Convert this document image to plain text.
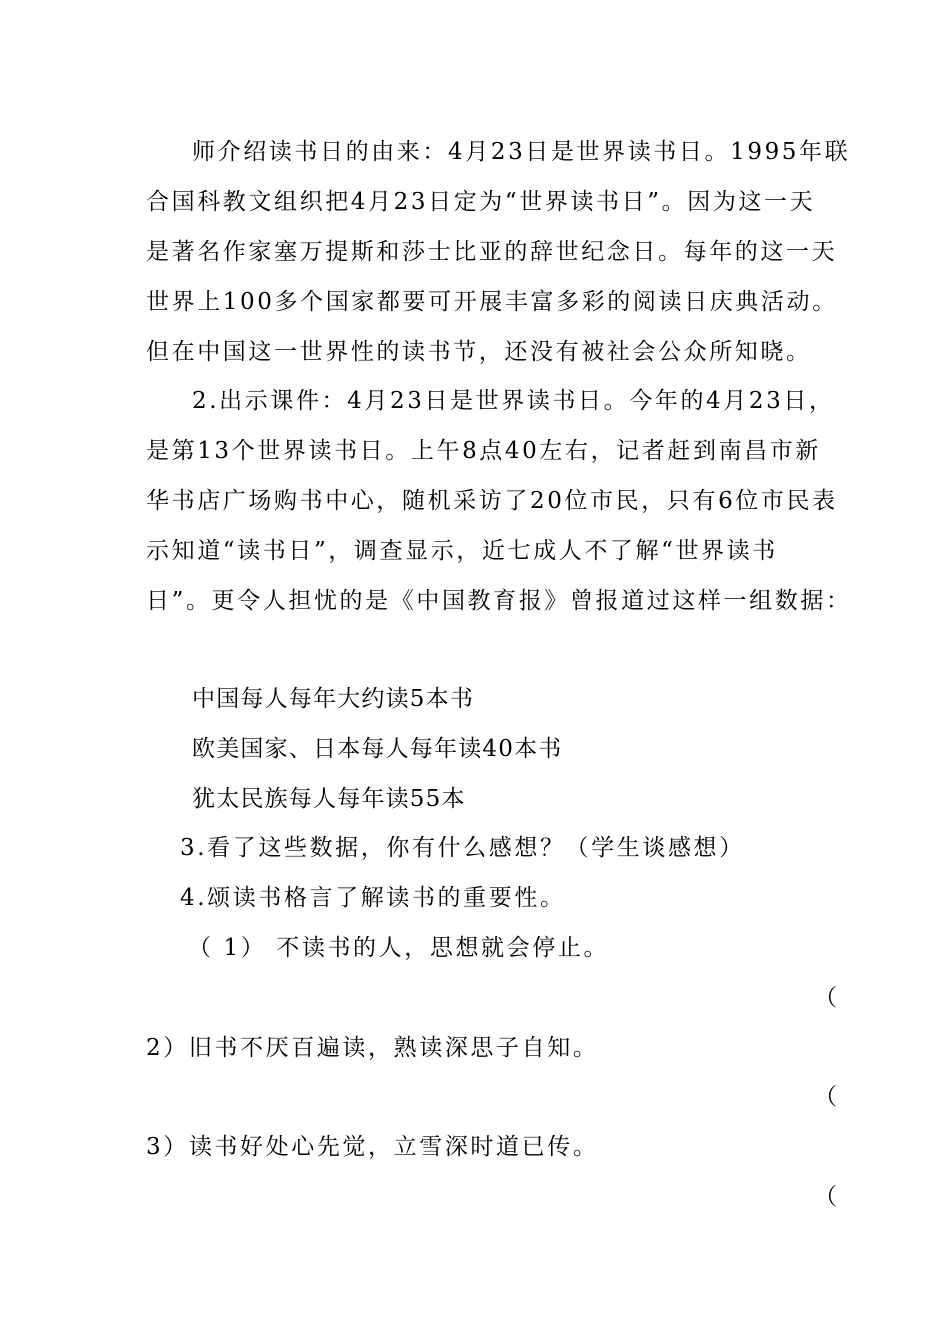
师介绍读书日的由来：4月23日是世界读书日。1995年联
合国科教文组织把4月23日定为“世界读书日”。因为这一天
是著名作家塞万提斯和莎士比亚的辞世纪念日。每年的这一天
世界上100多个国家都要可开展丰富多彩的阅读日庆典活动。
但在中国这一世界性的读书节，还没有被社会公众所知晓。
2.出示课件：4月23日是世界读书日。今年的4月23日，
是第13个世界读书日。上午8点40左右，记者赶到南昌市新
华书店广场购书中心，随机采访了20位市民，只有6位市民表
示知道“读书日”，调查显示，近七成人不了解“世界读书
日”。更令人担忧的是《中国教育报》曾报道过这样一组数据：
中国每人每年大约读5本书
欧美国家、日本每人每年读40本书
犹太民族每人每年读55本
3.看了这些数据，你有什么感想？（学生谈感想）
4.颂读书格言了解读书的重要性。
（ 1） 不读书的人，思想就会停止。
（
2）旧书不厌百遍读，熟读深思子自知。
（
3）读书好处心先觉，立雪深时道已传。
（
